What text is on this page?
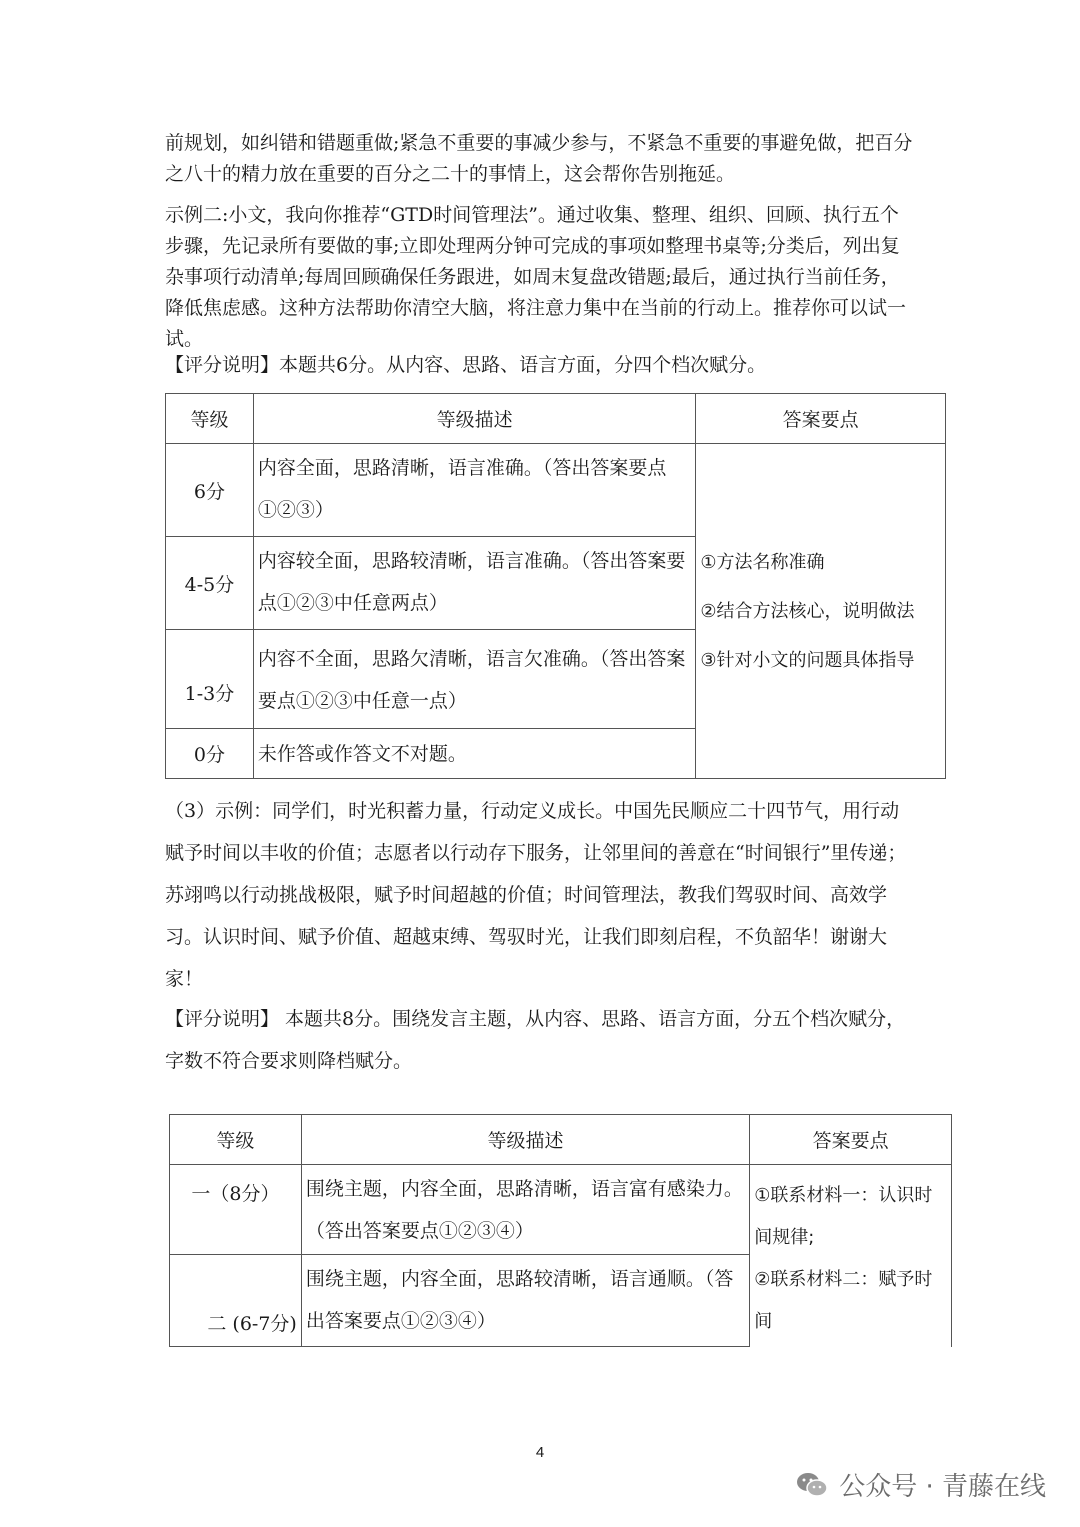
前规划，如纠错和错题重做;紧急不重要的事减少参与，不紧急不重要的事避免做，把百分之八十的精力放在重要的百分之二十的事情上，这会帮你告别拖延。

示例二:小文，我向你推荐“GTD时间管理法”。通过收集、整理、组织、回顾、执行五个步骤，先记录所有要做的事;立即处理两分钟可完成的事项如整理书桌等;分类后，列出复杂事项行动清单;每周回顾确保任务跟进，如周末复盘改错题;最后，通过执行当前任务，降低焦虑感。这种方法帮助你清空大脑，将注意力集中在当前的行动上。推荐你可以试一试。

【评分说明】本题共6分。从内容、思路、语言方面，分四个档次赋分。

等级	等级描述	答案要点
6分	内容全面，思路清晰，语言准确。（答出答案要点①②③）	①方法名称准确
②结合方法核心，说明做法
③针对小文的问题具体指导

4-5分	内容较全面，思路较清晰，语言准确。（答出答案要点①②③中任意两点）	
1-3分	内容不全面，思路欠清晰，语言欠准确。（答出答案要点①②③中任意一点）	
0分	未作答或作答文不对题。	

（3）示例：同学们，时光积蓄力量，行动定义成长。中国先民顺应二十四节气，用行动赋予时间以丰收的价值；志愿者以行动存下服务，让邻里间的善意在“时间银行”里传递；苏翊鸣以行动挑战极限，赋予时间超越的价值；时间管理法，教我们驾驭时间、高效学习。认识时间、赋予价值、超越束缚、驾驭时光，让我们即刻启程，不负韶华！谢谢大家！

【评分说明】 本题共8分。围绕发言主题，从内容、思路、语言方面，分五个档次赋分，字数不符合要求则降档赋分。

等级	等级描述	答案要点
一（8分）	围绕主题，内容全面，思路清晰，语言富有感染力。（答出答案要点①②③④）	①联系材料一：认识时间规律;
②联系材料二：赋予时间

二 (6-7分)	围绕主题，内容全面，思路较清晰，语言通顺。（答出答案要点①②③④）	
4
公众号 · 青藤在线
